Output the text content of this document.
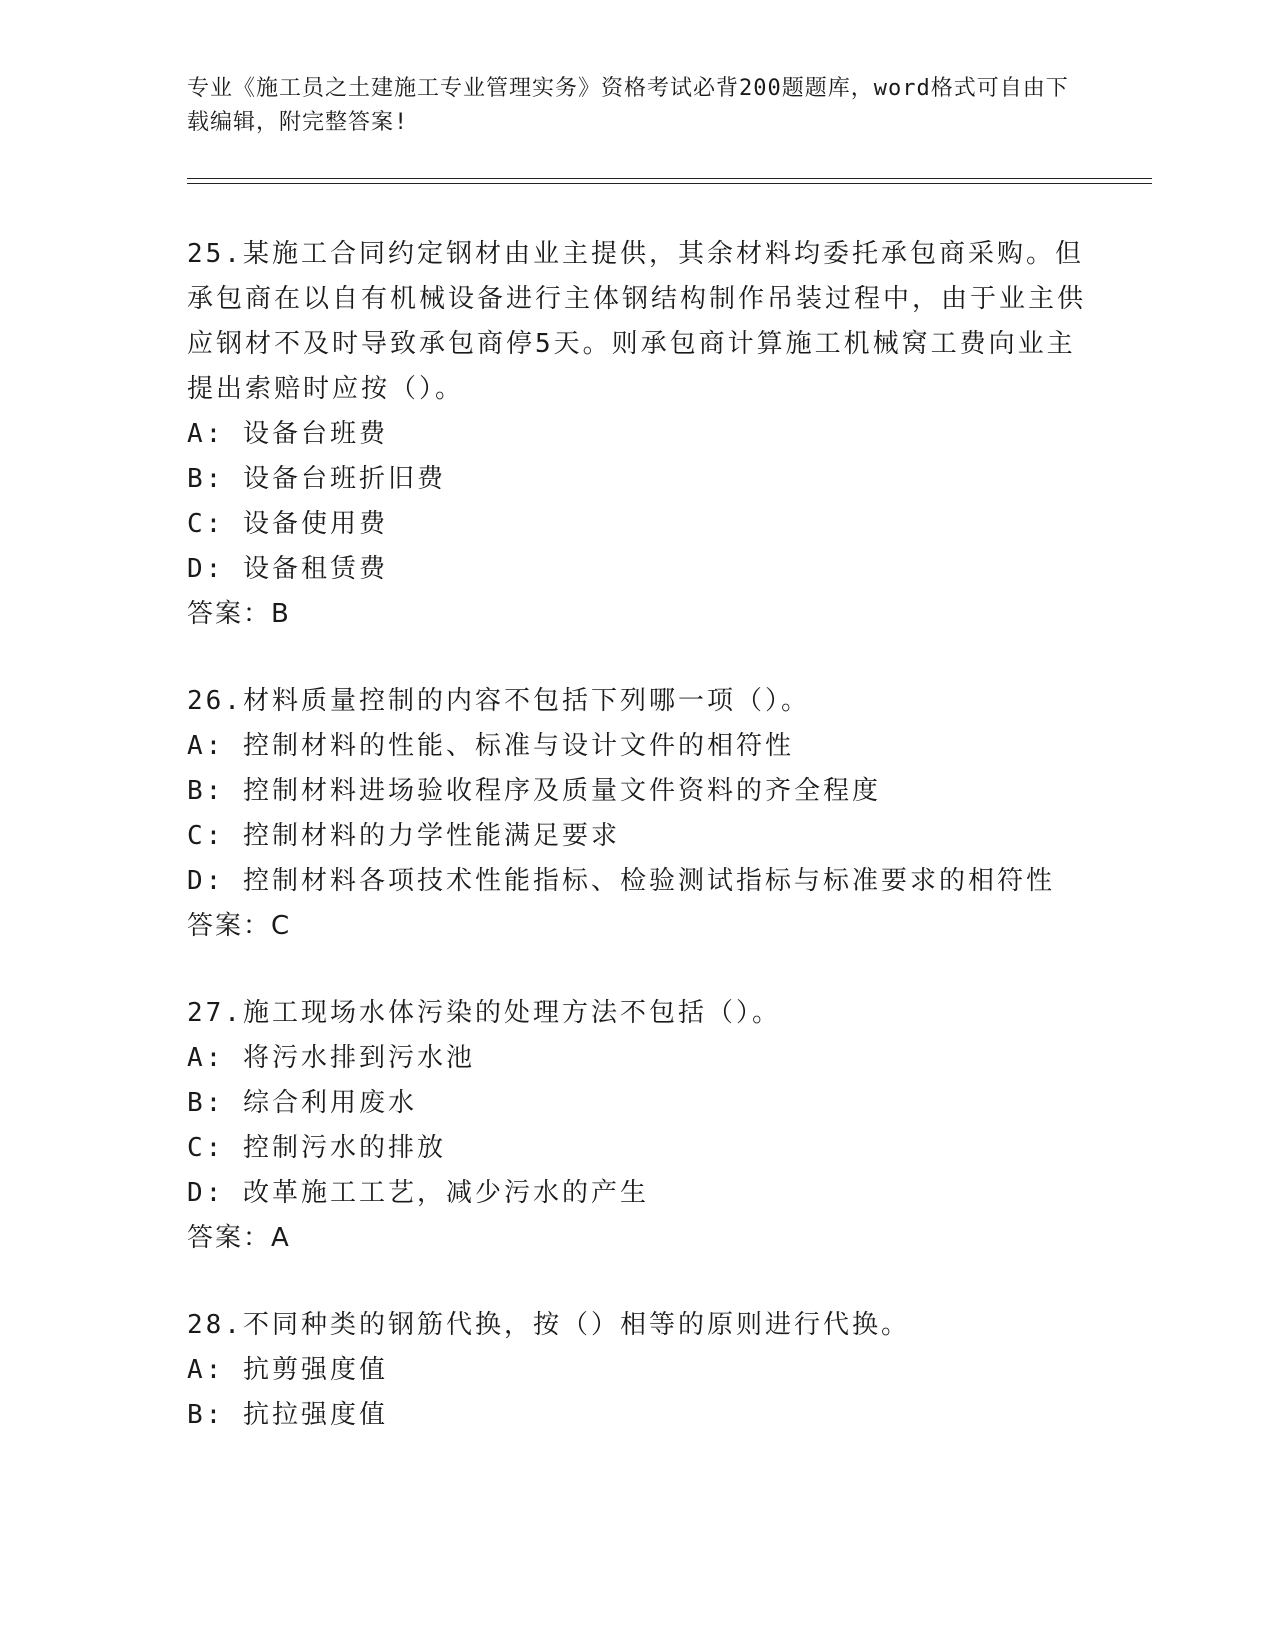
专业《施工员之土建施工专业管理实务》资格考试必背200题题库，word格式可自由下载编辑，附完整答案!
25.某施工合同约定钢材由业主提供，其余材料均委托承包商采购。但承包商在以自有机械设备进行主体钢结构制作吊装过程中，由于业主供应钢材不及时导致承包商停5天。则承包商计算施工机械窝工费向业主提出索赔时应按（）。
A: 设备台班费
B: 设备台班折旧费
C: 设备使用费
D: 设备租赁费
答案：B
26.材料质量控制的内容不包括下列哪一项（）。
A: 控制材料的性能、标准与设计文件的相符性
B: 控制材料进场验收程序及质量文件资料的齐全程度
C: 控制材料的力学性能满足要求
D: 控制材料各项技术性能指标、检验测试指标与标准要求的相符性
答案：C
27.施工现场水体污染的处理方法不包括（）。
A: 将污水排到污水池
B: 综合利用废水
C: 控制污水的排放
D: 改革施工工艺，减少污水的产生
答案：A
28.不同种类的钢筋代换，按（）相等的原则进行代换。
A: 抗剪强度值
B: 抗拉强度值
